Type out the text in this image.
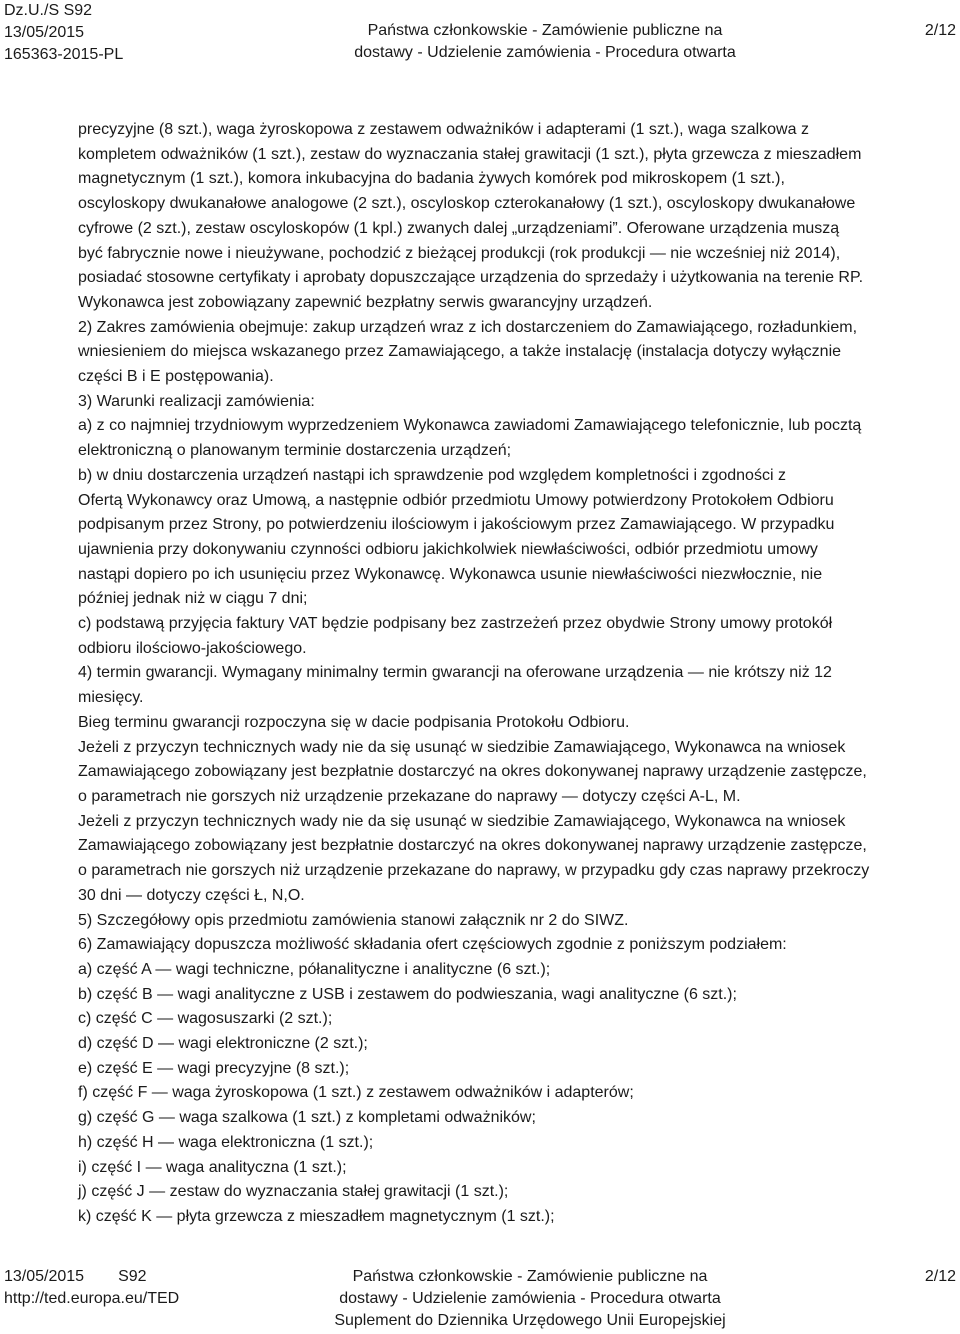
Dz.U./S S92
13/05/2015
165363-2015-PL
Państwa członkowskie - Zamówienie publiczne na
dostawy - Udzielenie zamówienia - Procedura otwarta
2/12

precyzyjne (8 szt.), waga żyroskopowa z zestawem odważników i adapterami (1 szt.), waga szalkowa z

kompletem odważników (1 szt.), zestaw do wyznaczania stałej grawitacji (1 szt.), płyta grzewcza z mieszadłem

magnetycznym (1 szt.), komora inkubacyjna do badania żywych komórek pod mikroskopem (1 szt.),

oscyloskopy dwukanałowe analogowe (2 szt.), oscyloskop czterokanałowy (1 szt.), oscyloskopy dwukanałowe

cyfrowe (2 szt.), zestaw oscyloskopów (1 kpl.) zwanych dalej „urządzeniami”. Oferowane urządzenia muszą

być fabrycznie nowe i nieużywane, pochodzić z bieżącej produkcji (rok produkcji — nie wcześniej niż 2014),

posiadać stosowne certyfikaty i aprobaty dopuszczające urządzenia do sprzedaży i użytkowania na terenie RP.

Wykonawca jest zobowiązany zapewnić bezpłatny serwis gwarancyjny urządzeń.

2) Zakres zamówienia obejmuje: zakup urządzeń wraz z ich dostarczeniem do Zamawiającego, rozładunkiem,

wniesieniem do miejsca wskazanego przez Zamawiającego, a także instalację (instalacja dotyczy wyłącznie

części B i E postępowania).

3) Warunki realizacji zamówienia:

a) z co najmniej trzydniowym wyprzedzeniem Wykonawca zawiadomi Zamawiającego telefonicznie, lub pocztą

elektroniczną o planowanym terminie dostarczenia urządzeń;

b) w dniu dostarczenia urządzeń nastąpi ich sprawdzenie pod względem kompletności i zgodności z

Ofertą Wykonawcy oraz Umową, a następnie odbiór przedmiotu Umowy potwierdzony Protokołem Odbioru

podpisanym przez Strony, po potwierdzeniu ilościowym i jakościowym przez Zamawiającego. W przypadku

ujawnienia przy dokonywaniu czynności odbioru jakichkolwiek niewłaściwości, odbiór przedmiotu umowy

nastąpi dopiero po ich usunięciu przez Wykonawcę. Wykonawca usunie niewłaściwości niezwłocznie, nie

później jednak niż w ciągu 7 dni;

c) podstawą przyjęcia faktury VAT będzie podpisany bez zastrzeżeń przez obydwie Strony umowy protokół

odbioru ilościowo-jakościowego.

4) termin gwarancji. Wymagany minimalny termin gwarancji na oferowane urządzenia — nie krótszy niż 12

miesięcy.

Bieg terminu gwarancji rozpoczyna się w dacie podpisania Protokołu Odbioru.

Jeżeli z przyczyn technicznych wady nie da się usunąć w siedzibie Zamawiającego, Wykonawca na wniosek

Zamawiającego zobowiązany jest bezpłatnie dostarczyć na okres dokonywanej naprawy urządzenie zastępcze,

o parametrach nie gorszych niż urządzenie przekazane do naprawy — dotyczy części A-L, M.

Jeżeli z przyczyn technicznych wady nie da się usunąć w siedzibie Zamawiającego, Wykonawca na wniosek

Zamawiającego zobowiązany jest bezpłatnie dostarczyć na okres dokonywanej naprawy urządzenie zastępcze,

o parametrach nie gorszych niż urządzenie przekazane do naprawy, w przypadku gdy czas naprawy przekroczy

30 dni — dotyczy części Ł, N,O.

5) Szczegółowy opis przedmiotu zamówienia stanowi załącznik nr 2 do SIWZ.

6) Zamawiający dopuszcza możliwość składania ofert częściowych zgodnie z poniższym podziałem:

a) część A — wagi techniczne, półanalityczne i analityczne (6 szt.);

b) część B — wagi analityczne z USB i zestawem do podwieszania, wagi analityczne (6 szt.);

c) część C — wagosuszarki (2 szt.);

d) część D — wagi elektroniczne (2 szt.);

e) część E — wagi precyzyjne (8 szt.);

f) część F — waga żyroskopowa (1 szt.) z zestawem odważników i adapterów;

g) część G — waga szalkowa (1 szt.) z kompletami odważników;

h) część H — waga elektroniczna (1 szt.);

i) część I — waga analityczna (1 szt.);

j) część J — zestaw do wyznaczania stałej grawitacji (1 szt.);

k) część K — płyta grzewcza z mieszadłem magnetycznym (1 szt.);

13/05/2015 S92
http://ted.europa.eu/TED
Państwa członkowskie - Zamówienie publiczne na
dostawy - Udzielenie zamówienia - Procedura otwarta
Suplement do Dziennika Urzędowego Unii Europejskiej
2/12
